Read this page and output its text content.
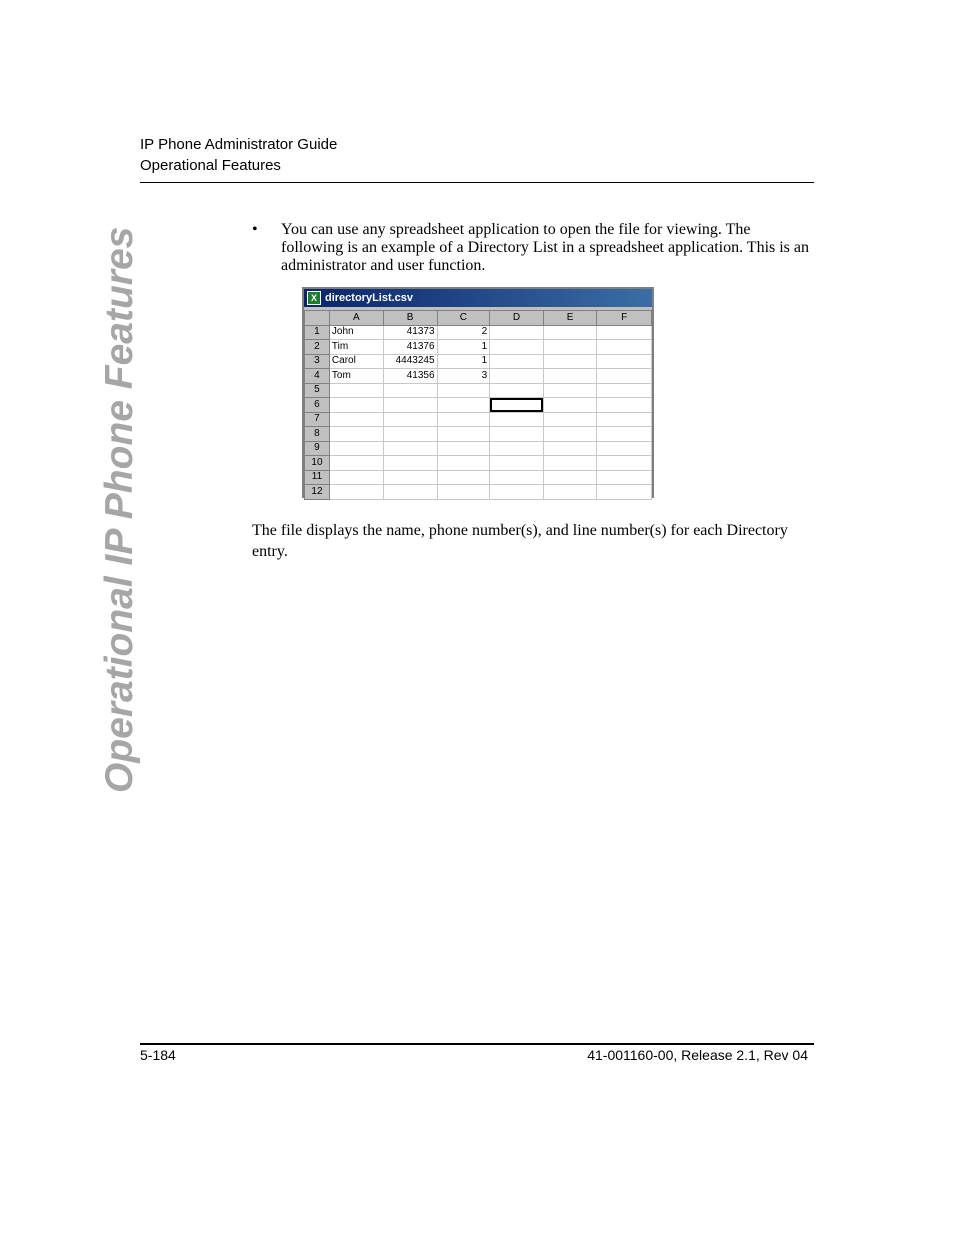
IP Phone Administrator Guide
Operational Features
Operational IP Phone Features	•	You can use any spreadsheet application to open the file for viewing. The following is an example of a Directory List in a spreadsheet application. This is an administrator and user function.
X directoryList.csv
	A	B	C	D	E	F
1	John	41373	2			
2	Tim	41376	1			
3	Carol	4443245	1			
4	Tom	41356	3			
5						
6						
7						
8						
9						
10						
11						
12						
The file displays the name, phone number(s), and line number(s) for each Directory entry.
5-184	41-001160-00, Release 2.1, Rev 04
